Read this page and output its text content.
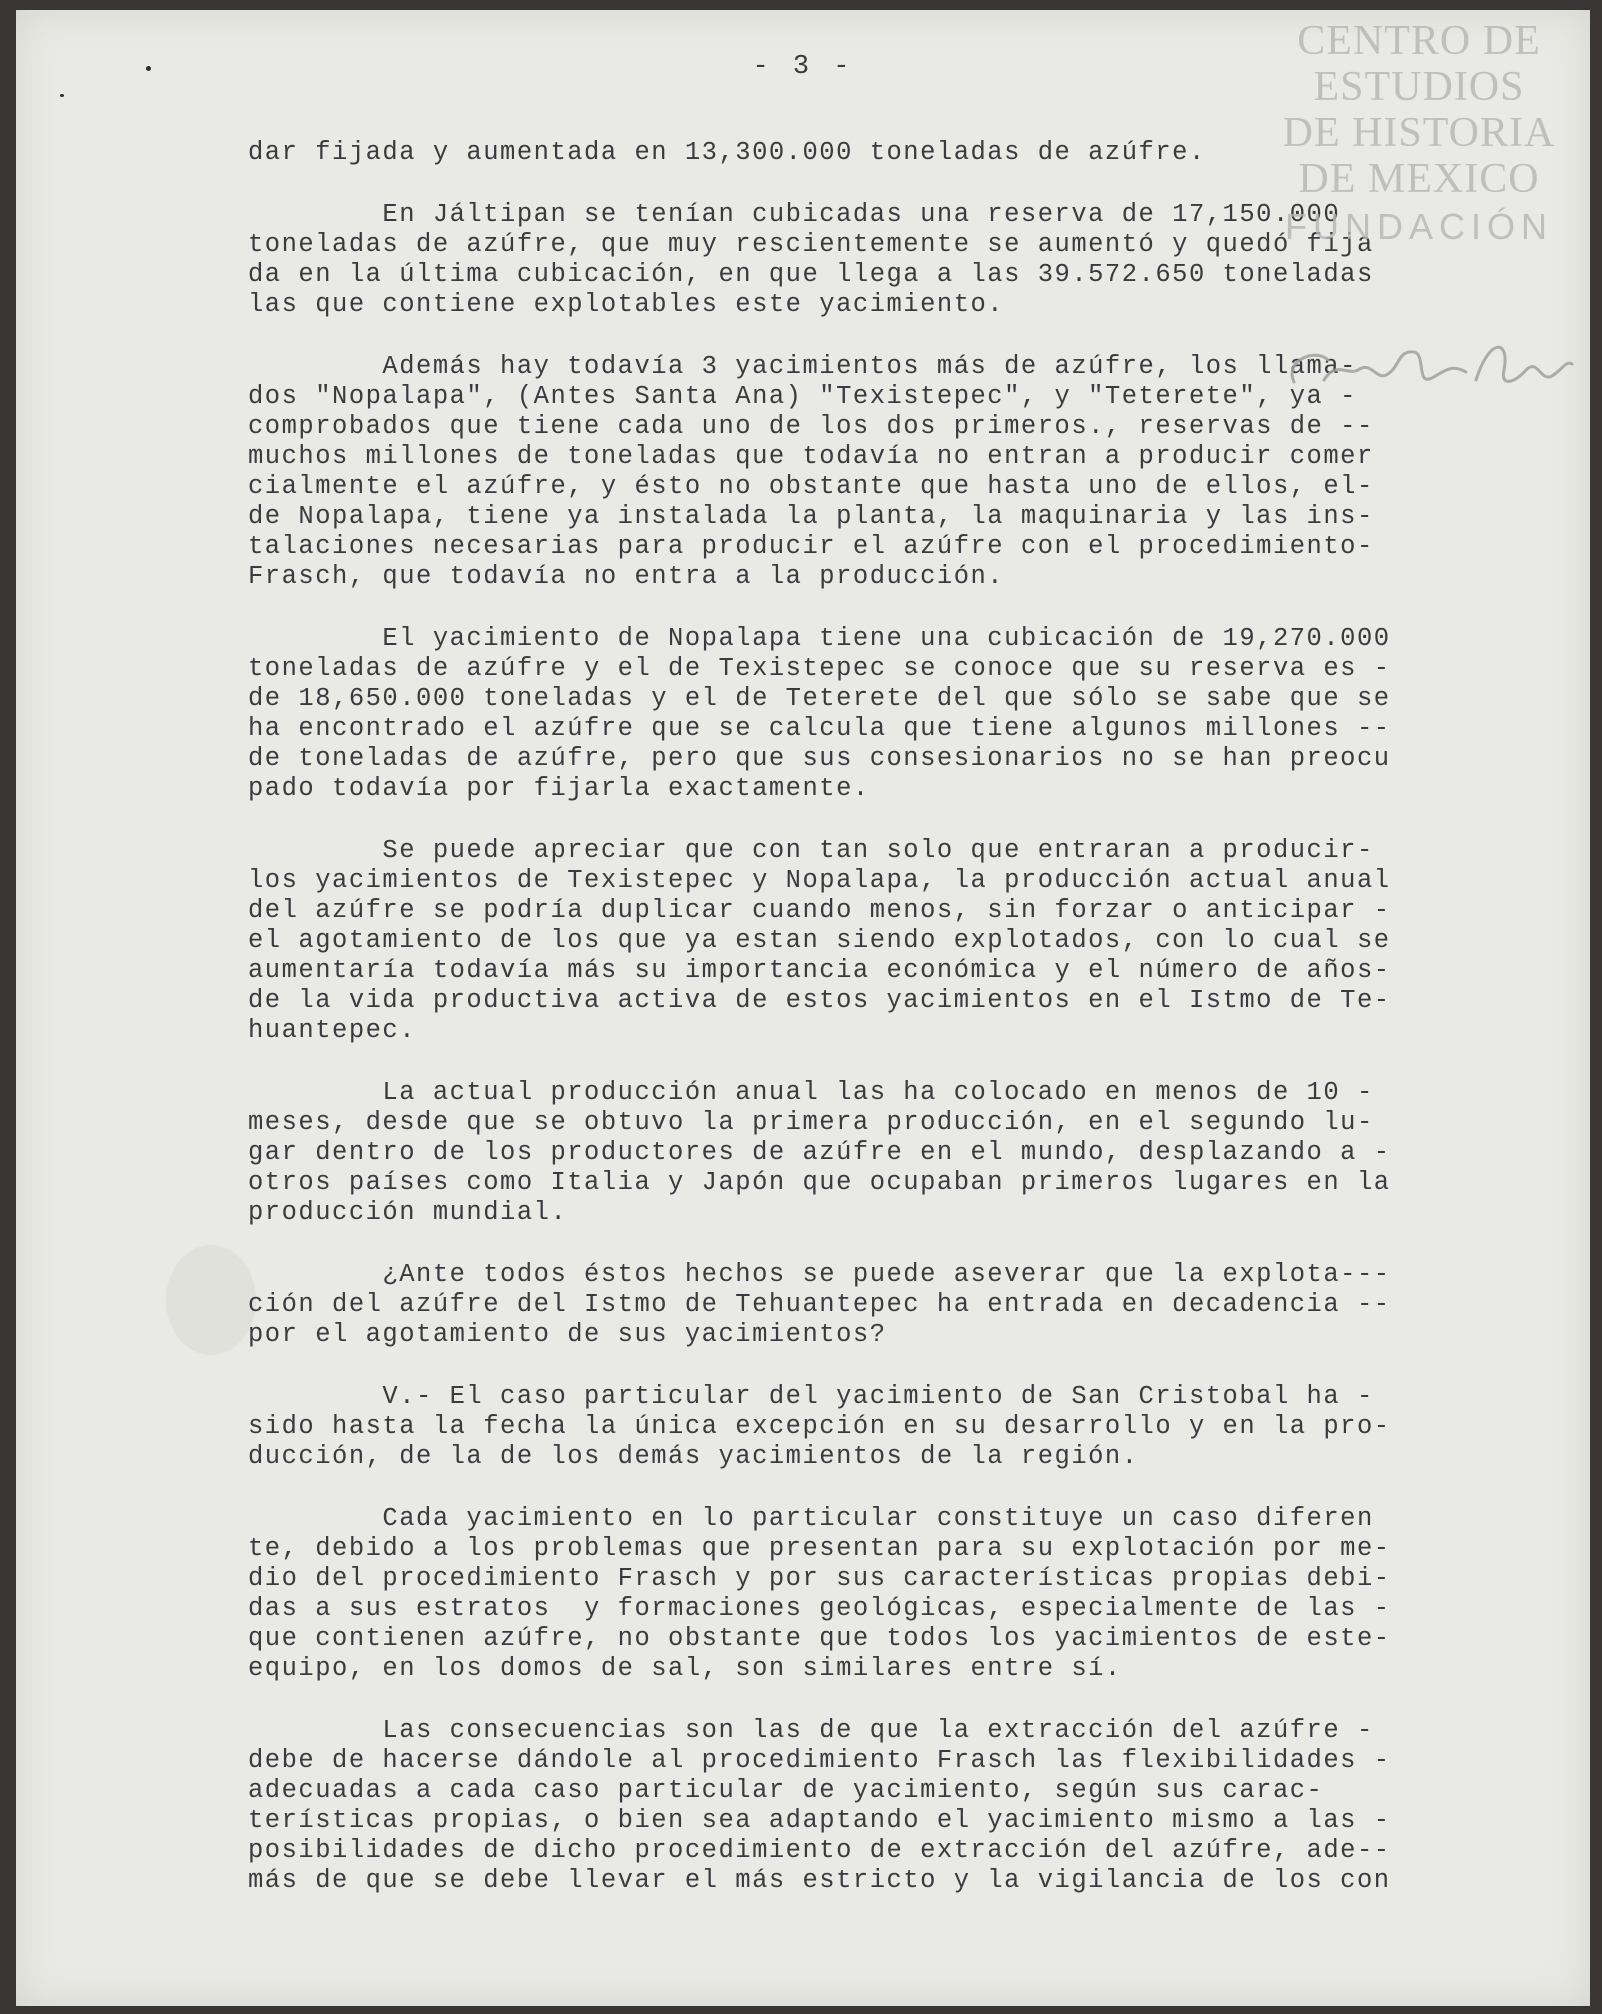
- 3 -
dar fijada y aumentada en 13,300.000 toneladas de azúfre.
En Jáltipan se tenían cubicadas una reserva de 17,150.000
toneladas de azúfre, que muy rescientemente se aumentó y quedó fija
da en la última cubicación, en que llega a las 39.572.650 toneladas
las que contiene explotables este yacimiento.
Además hay todavía 3 yacimientos más de azúfre, los llama-
dos "Nopalapa", (Antes Santa Ana) "Texistepec", y "Teterete", ya -
comprobados que tiene cada uno de los dos primeros., reservas de --
muchos millones de toneladas que todavía no entran a producir comer
cialmente el azúfre, y ésto no obstante que hasta uno de ellos, el-
de Nopalapa, tiene ya instalada la planta, la maquinaria y las ins-
talaciones necesarias para producir el azúfre con el procedimiento-
Frasch, que todavía no entra a la producción.
El yacimiento de Nopalapa tiene una cubicación de 19,270.000
toneladas de azúfre y el de Texistepec se conoce que su reserva es -
de 18,650.000 toneladas y el de Teterete del que sólo se sabe que se
ha encontrado el azúfre que se calcula que tiene algunos millones --
de toneladas de azúfre, pero que sus consesionarios no se han preocu
pado todavía por fijarla exactamente.
Se puede apreciar que con tan solo que entraran a producir-
los yacimientos de Texistepec y Nopalapa, la producción actual anual
del azúfre se podría duplicar cuando menos, sin forzar o anticipar -
el agotamiento de los que ya estan siendo explotados, con lo cual se
aumentaría todavía más su importancia económica y el número de años-
de la vida productiva activa de estos yacimientos en el Istmo de Te-
huantepec.
La actual producción anual las ha colocado en menos de 10 -
meses, desde que se obtuvo la primera producción, en el segundo lu-
gar dentro de los productores de azúfre en el mundo, desplazando a -
otros países como Italia y Japón que ocupaban primeros lugares en la
producción mundial.
¿Ante todos éstos hechos se puede aseverar que la explota---
ción del azúfre del Istmo de Tehuantepec ha entrada en decadencia --
por el agotamiento de sus yacimientos?
V.- El caso particular del yacimiento de San Cristobal ha -
sido hasta la fecha la única excepción en su desarrollo y en la pro-
ducción, de la de los demás yacimientos de la región.
Cada yacimiento en lo particular constituye un caso diferen
te, debido a los problemas que presentan para su explotación por me-
dio del procedimiento Frasch y por sus características propias debi-
das a sus estratos  y formaciones geológicas, especialmente de las -
que contienen azúfre, no obstante que todos los yacimientos de este-
equipo, en los domos de sal, son similares entre sí.
Las consecuencias son las de que la extracción del azúfre -
debe de hacerse dándole al procedimiento Frasch las flexibilidades -
adecuadas a cada caso particular de yacimiento, según sus carac-
terísticas propias, o bien sea adaptando el yacimiento mismo a las -
posibilidades de dicho procedimiento de extracción del azúfre, ade--
más de que se debe llevar el más estricto y la vigilancia de los con
CENTRO DE
ESTUDIOS
DE HISTORIA
DE MEXICO
FUNDACIÓN
